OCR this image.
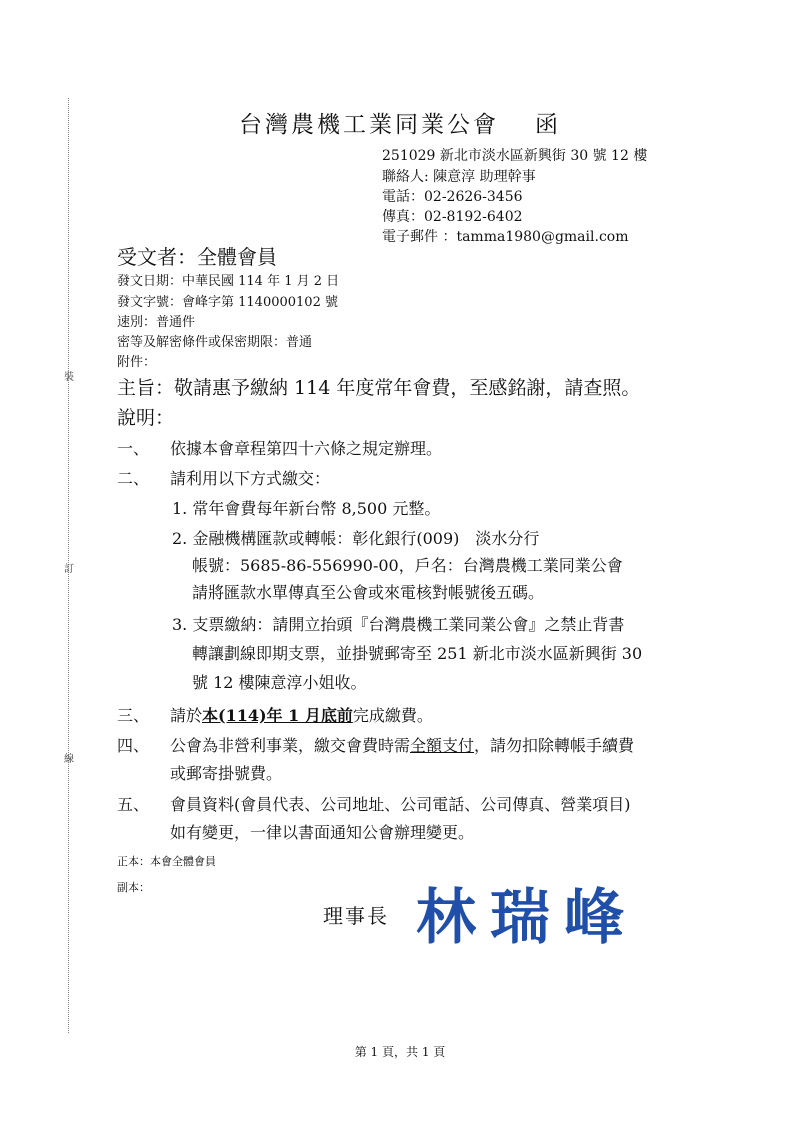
裝
訂
線
台灣農機工業同業公會 函
251029 新北市淡水區新興街 30 號 12 樓
聯絡人: 陳意淳 助理幹事
電話：02-2626-3456
傳真：02-8192-6402
電子郵件 ：tamma1980@gmail.com
受文者：全體會員
發文日期：中華民國 114 年 1 月 2 日
發文字號：會峰字第 1140000102 號
速別：普通件
密等及解密條件或保密期限：普通
附件：
主旨：敬請惠予繳納 114 年度常年會費，至感銘謝，請查照。
說明：
一、 依據本會章程第四十六條之規定辦理。
二、 請利用以下方式繳交：
1. 常年會費每年新台幣 8,500 元整。
2. 金融機構匯款或轉帳：彰化銀行(009)　淡水分行
帳號：5685-86-556990-00，戶名：台灣農機工業同業公會
請將匯款水單傳真至公會或來電核對帳號後五碼。
3. 支票繳納：請開立抬頭『台灣農機工業同業公會』之禁止背書
轉讓劃線即期支票，並掛號郵寄至 251 新北市淡水區新興街 30
號 12 樓陳意淳小姐收。
三、 請於本(114)年 1 月底前完成繳費。
四、 公會為非營利事業，繳交會費時需全額支付，請勿扣除轉帳手續費
或郵寄掛號費。
五、 會員資料(會員代表、公司地址、公司電話、公司傳真、營業項目)
如有變更，一律以書面通知公會辦理變更。
正本：本會全體會員
副本：
理事長 林瑞峰
第 1 頁，共 1 頁
